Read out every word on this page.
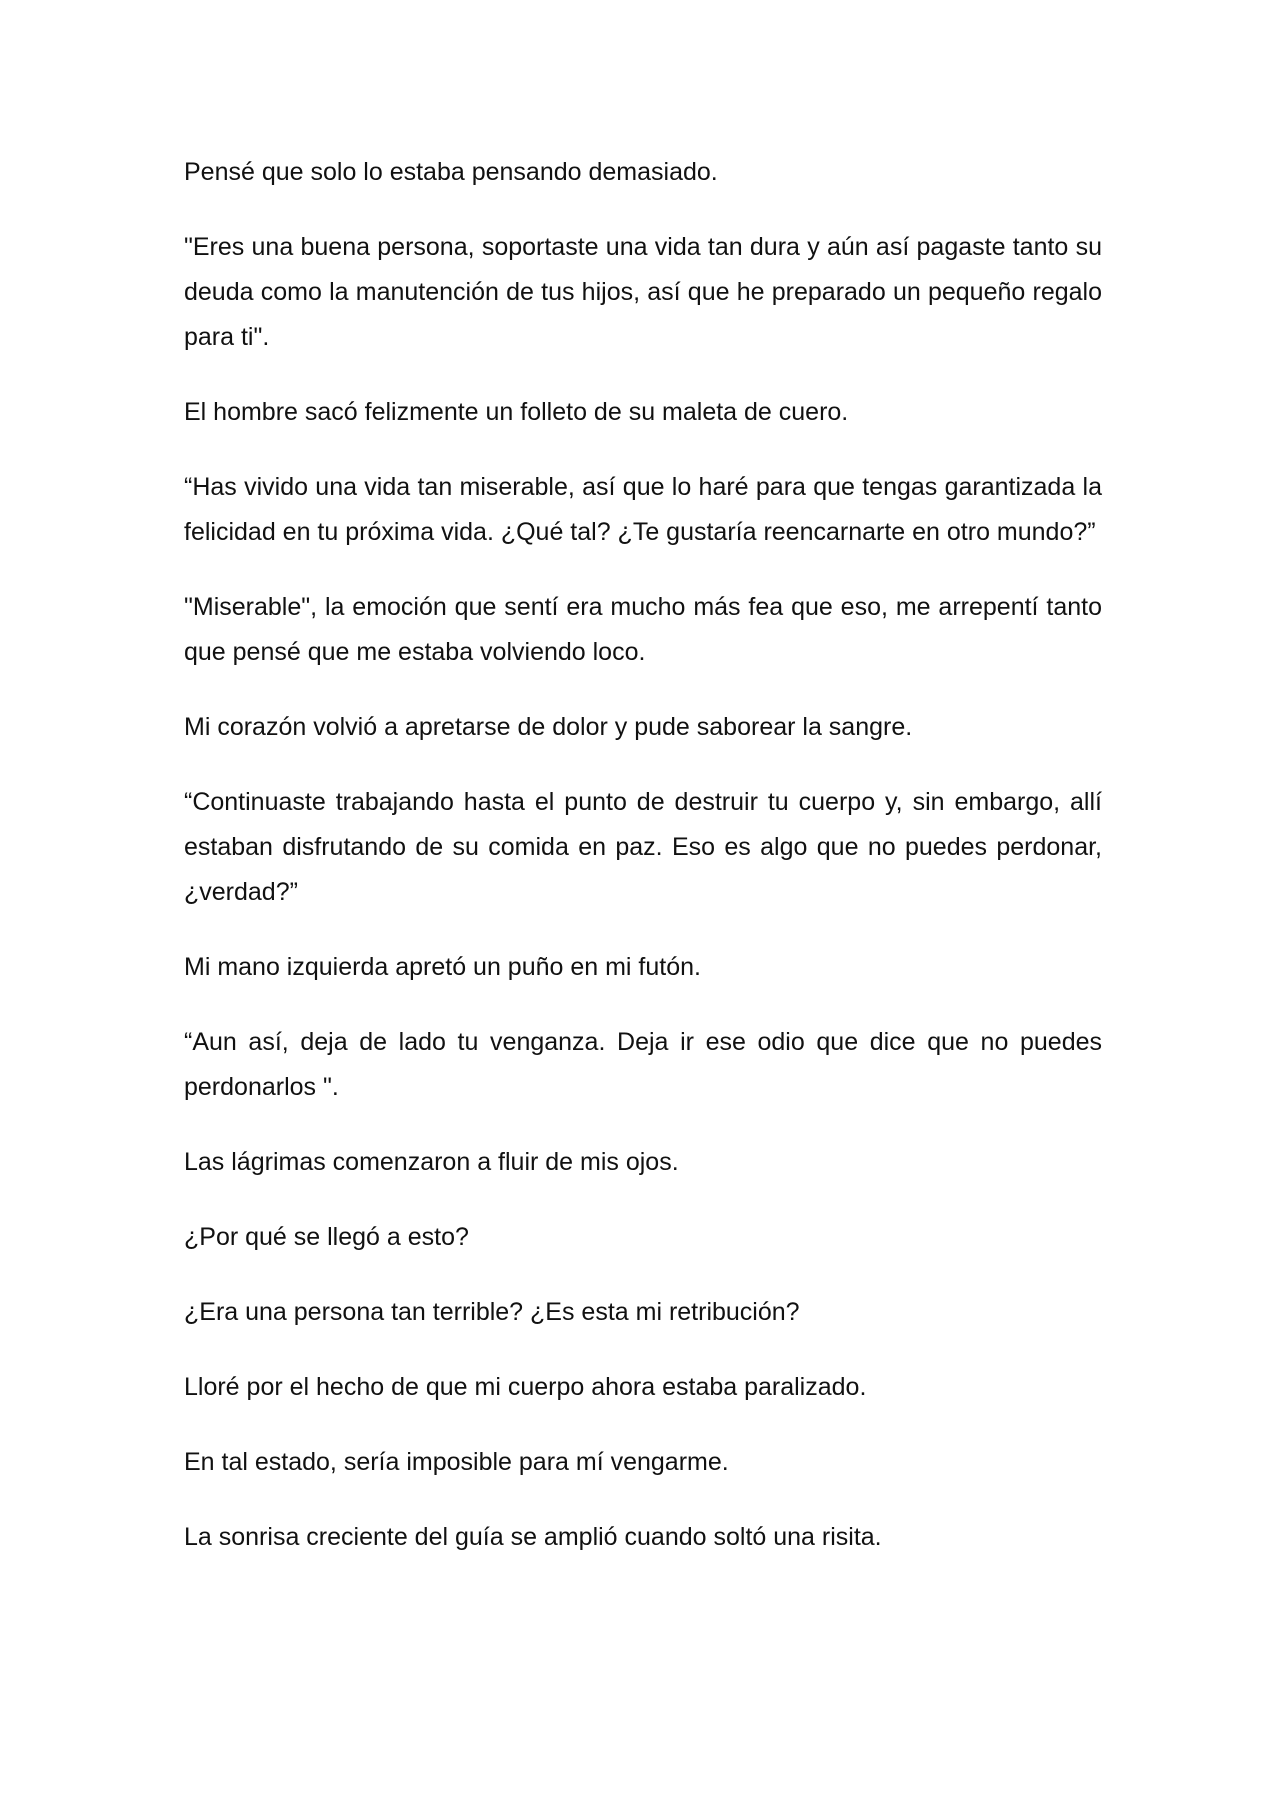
Pensé que solo lo estaba pensando demasiado.

"Eres una buena persona, soportaste una vida tan dura y aún así pagaste tanto su deuda como la manutención de tus hijos, así que he preparado un pequeño regalo para ti".

El hombre sacó felizmente un folleto de su maleta de cuero.

“Has vivido una vida tan miserable, así que lo haré para que tengas garantizada la felicidad en tu próxima vida. ¿Qué tal? ¿Te gustaría reencarnarte en otro mundo?”

"Miserable", la emoción que sentí era mucho más fea que eso, me arrepentí tanto que pensé que me estaba volviendo loco.

Mi corazón volvió a apretarse de dolor y pude saborear la sangre.

“Continuaste trabajando hasta el punto de destruir tu cuerpo y, sin embargo, allí estaban disfrutando de su comida en paz. Eso es algo que no puedes perdonar, ¿verdad?”

Mi mano izquierda apretó un puño en mi futón.

“Aun así, deja de lado tu venganza. Deja ir ese odio que dice que no puedes perdonarlos ".

Las lágrimas comenzaron a fluir de mis ojos.

¿Por qué se llegó a esto?

¿Era una persona tan terrible? ¿Es esta mi retribución?

Lloré por el hecho de que mi cuerpo ahora estaba paralizado.

En tal estado, sería imposible para mí vengarme.

La sonrisa creciente del guía se amplió cuando soltó una risita.
